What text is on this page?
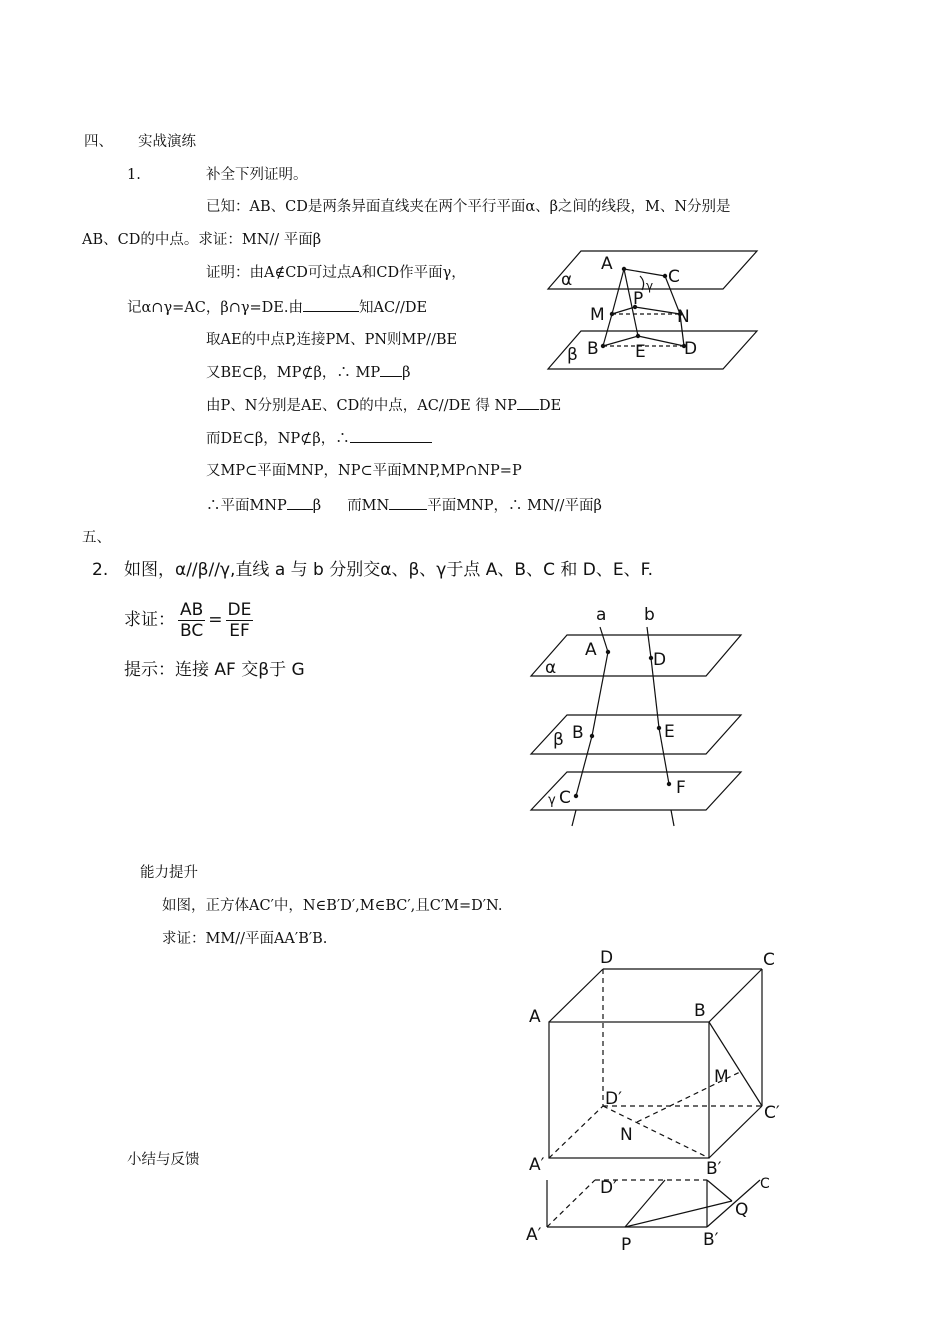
四、 实战演练
1.	补全下列证明。
已知：AB、CD是两条异面直线夹在两个平行平面α、β之间的线段，M、N分别是
AB、CD的中点。求证：MN// 平面β
证明：由A∉CD可过点A和CD作平面γ，
记α∩γ=AC，β∩γ=DE.由	知AC//DE
取AE的中点P,连接PM、PN则MP//BE
又BE⊂β，MP⊄β，∴ MP β
由P、N分别是AE、CD的中点，AC//DE 得 NP DE
而DE⊂β，NP⊄β，∴
又MP⊂平面MNP，NP⊂平面MNP,MP∩NP=P
∴平面MNP β 而MN	平面MNP，∴ MN//平面β
α
A
C
γ
P
M	N
β B E D
五、
2. 如图，α//β//γ,直线 a 与 b 分别交α、β、γ于点 A、B、C 和 D、E、F.
求证： $\frac{AB}{BC} = \frac{DE}{EF}$
提示：连接 AF 交β于 G
a b
A	D
α
β B	E
γ C	F
能力提升
如图，正方体AC′中，N∈B′D′,M∈BC′,且C′M=D′N.
求证：MM//平面AA′B′B.
D	C
A	B
M
D′
C′
N
A′	B′
D′	C
Q
A′	P	B′
小结与反馈
